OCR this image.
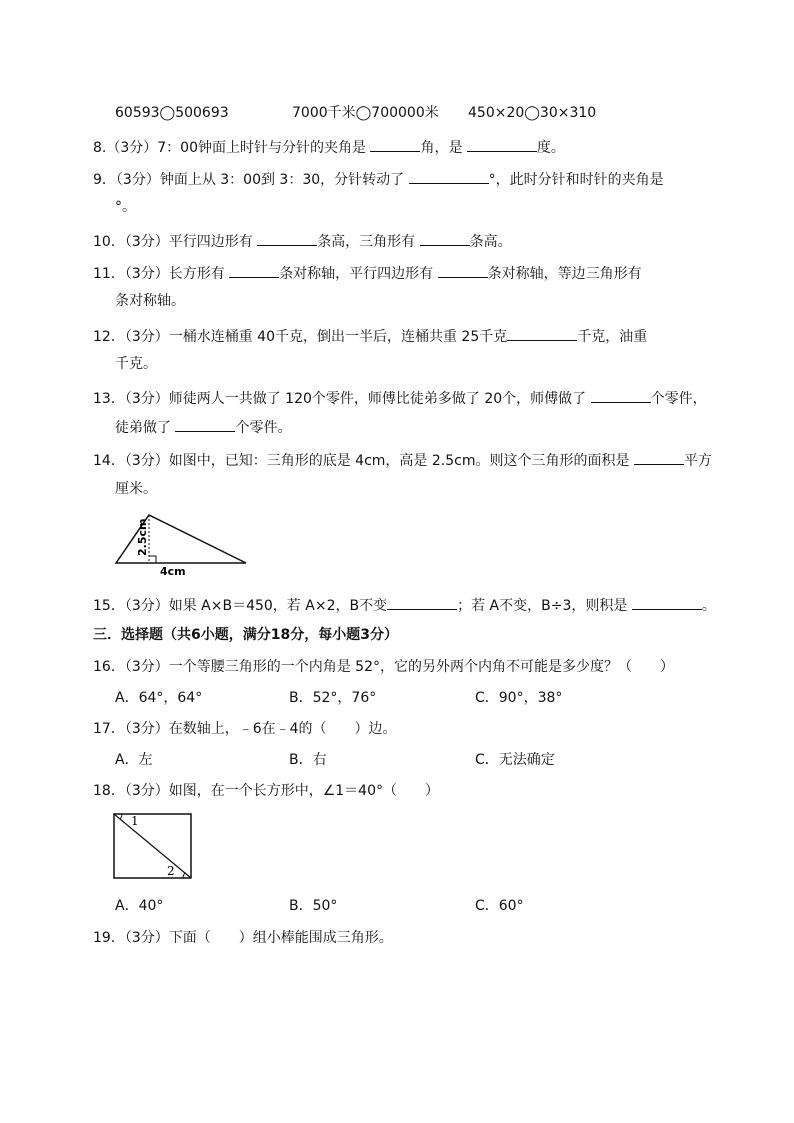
60593◯500693	7000千米◯700000米 450×20◯30×310
8.（3分）7：00钟面上时针与分针的夹角是	角，是	度。
9．（3分）钟面上从 3：00到 3：30，分针转动了	°，此时分针和时针的夹角是
°。
10．（3分）平行四边形有	条高，三角形有	条高。
11．（3分）长方形有	条对称轴，平行四边形有	条对称轴，等边三角形有
条对称轴。
12．（3分）一桶水连桶重 40千克，倒出一半后，连桶共重 25千克	千克，油重
千克。
13．（3分）师徒两人一共做了 120个零件，师傅比徒弟多做了 20个，师傅做了	个零件，
徒弟做了	个零件。
14．（3分）如图中，已知：三角形的底是 4cm，高是 2.5cm。则这个三角形的面积是	平方
厘米。
2.5cm
4cm
15．（3分）如果 A×B＝450，若 A×2，B不变	；若 A不变，B÷3，则积是	。
三．选择题（共6小题，满分18分，每小题3分）
16．（3分）一个等腰三角形的一个内角是 52°，它的另外两个内角不可能是多少度？（　　）
A．64°，64°	B．52°，76°	C．90°，38°
17．（3分）在数轴上，﹣6在﹣4的（　　）边。
A．左	B．右	C．无法确定
18．（3分）如图，在一个长方形中，∠1＝40°（　　）
1
2
A．40°	B．50°	C．60°
19．（3分）下面（　　）组小棒能围成三角形。
